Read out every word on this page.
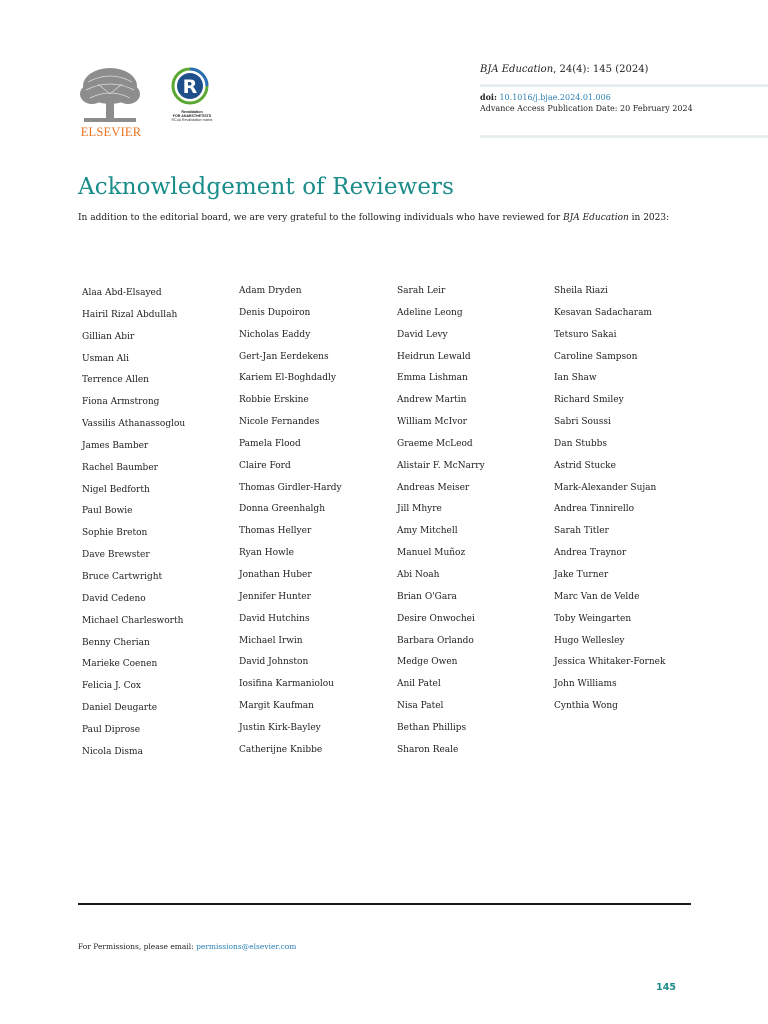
ELSEVIER
R
Revalidation
FOR ANAESTHETISTS
RCoA Revalidation matrix
BJA Education, 24(4): 145 (2024)
doi: 10.1016/j.bjae.2024.01.006
Advance Access Publication Date: 20 February 2024
Acknowledgement of Reviewers

In addition to the editorial board, we are very grateful to the following individuals who have reviewed for BJA Education in 2023:

Alaa Abd-Elsayed
Hairil Rizal Abdullah
Gillian Abir
Usman Ali
Terrence Allen
Fiona Armstrong
Vassilis Athanassoglou
James Bamber
Rachel Baumber
Nigel Bedforth
Paul Bowie
Sophie Breton
Dave Brewster
Bruce Cartwright
David Cedeno
Michael Charlesworth
Benny Cherian
Marieke Coenen
Felicia J. Cox
Daniel Deugarte
Paul Diprose
Nicola Disma
Adam Dryden
Denis Dupoiron
Nicholas Eaddy
Gert-Jan Eerdekens
Kariem El-Boghdadly
Robbie Erskine
Nicole Fernandes
Pamela Flood
Claire Ford
Thomas Girdler-Hardy
Donna Greenhalgh
Thomas Hellyer
Ryan Howle
Jonathan Huber
Jennifer Hunter
David Hutchins
Michael Irwin
David Johnston
Iosifina Karmaniolou
Margit Kaufman
Justin Kirk-Bayley
Catherijne Knibbe
Sarah Leir
Adeline Leong
David Levy
Heidrun Lewald
Emma Lishman
Andrew Martin
William McIvor
Graeme McLeod
Alistair F. McNarry
Andreas Meiser
Jill Mhyre
Amy Mitchell
Manuel Muñoz
Abi Noah
Brian O'Gara
Desire Onwochei
Barbara Orlando
Medge Owen
Anil Patel
Nisa Patel
Bethan Phillips
Sharon Reale
Sheila Riazi
Kesavan Sadacharam
Tetsuro Sakai
Caroline Sampson
Ian Shaw
Richard Smiley
Sabri Soussi
Dan Stubbs
Astrid Stucke
Mark-Alexander Sujan
Andrea Tinnirello
Sarah Titler
Andrea Traynor
Jake Turner
Marc Van de Velde
Toby Weingarten
Hugo Wellesley
Jessica Whitaker-Fornek
John Williams
Cynthia Wong
For Permissions, please email: permissions@elsevier.com
145
